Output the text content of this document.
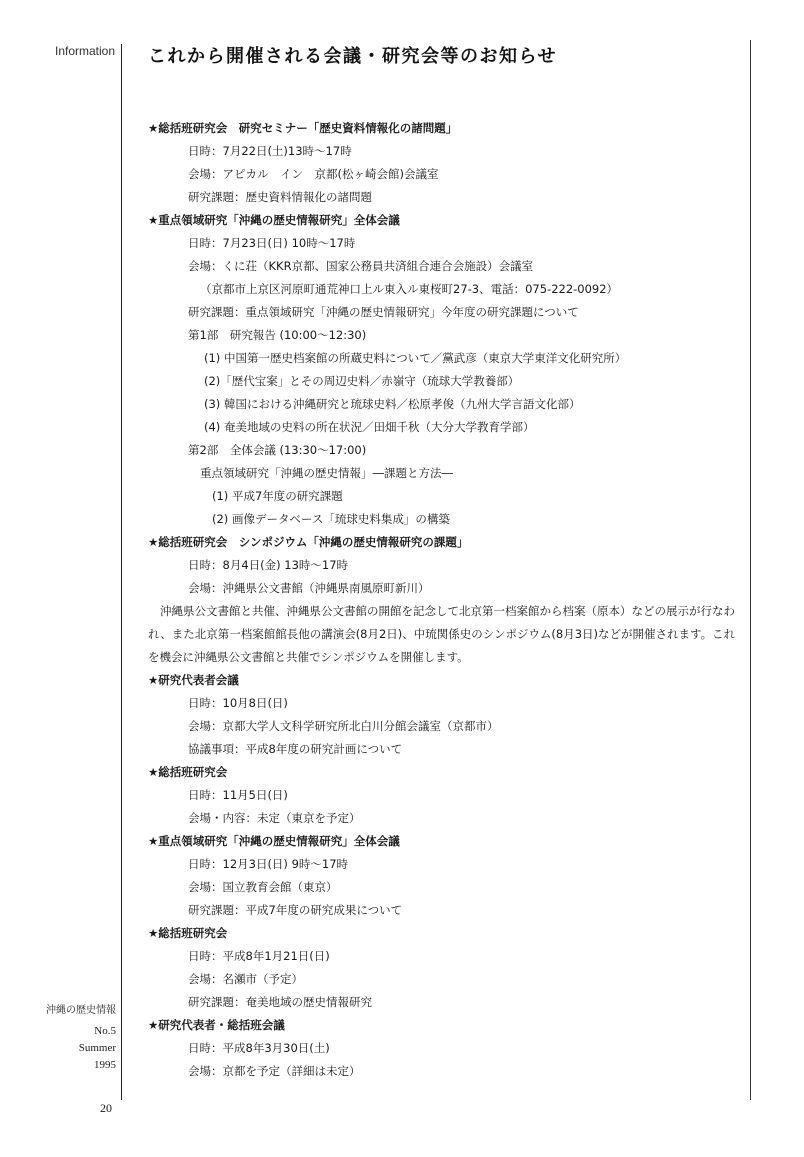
Information これから開催される会議・研究会等のお知らせ
★総括班研究会　研究セミナー「歴史資料情報化の諸問題」
日時：7月22日(土)13時～17時
会場：アピカル　イン　京都(松ヶ崎会館)会議室
研究課題：歴史資料情報化の諸問題
★重点領域研究「沖縄の歴史情報研究」全体会議
日時：7月23日(日) 10時～17時
会場：くに荘（KKR京都、国家公務員共済組合連合会施設）会議室
（京都市上京区河原町通荒神口上ル東入ル東桜町27-3、電話：075-222-0092）
研究課題：重点領域研究「沖縄の歴史情報研究」今年度の研究課題について
第1部　研究報告 (10:00～12:30)
(1) 中国第一歴史档案館の所蔵史料について／黨武彦（東京大学東洋文化研究所）
(2)「歴代宝案」とその周辺史料／赤嶺守（琉球大学教養部）
(3) 韓国における沖縄研究と琉球史料／松原孝俊（九州大学言語文化部）
(4) 奄美地域の史料の所在状況／田畑千秋（大分大学教育学部）
第2部　全体会議 (13:30～17:00)
重点領域研究「沖縄の歴史情報」―課題と方法―
(1) 平成7年度の研究課題
(2) 画像データベース「琉球史料集成」の構築
★総括班研究会　シンポジウム「沖縄の歴史情報研究の課題」
日時：8月4日(金) 13時～17時
会場：沖縄県公文書館（沖縄県南風原町新川）
沖縄県公文書館と共催、沖縄県公文書館の開館を記念して北京第一档案館から档案（原本）などの展示が行なわれ、また北京第一档案館館長他の講演会(8月2日)、中琉関係史のシンポジウム(8月3日)などが開催されます。これを機会に沖縄県公文書館と共催でシンポジウムを開催します。
★研究代表者会議
日時：10月8日(日)
会場：京都大学人文科学研究所北白川分館会議室（京都市）
協議事項：平成8年度の研究計画について
★総括班研究会
日時：11月5日(日)
会場・内容：未定（東京を予定）
★重点領域研究「沖縄の歴史情報研究」全体会議
日時：12月3日(日) 9時～17時
会場：国立教育会館（東京）
研究課題：平成7年度の研究成果について
★総括班研究会
日時：平成8年1月21日(日)
会場：名瀬市（予定）
研究課題：奄美地域の歴史情報研究
★研究代表者・総括班会議
日時：平成8年3月30日(土)
会場：京都を予定（詳細は未定）
沖縄の歴史情報
No.5
Summer
1995
20
